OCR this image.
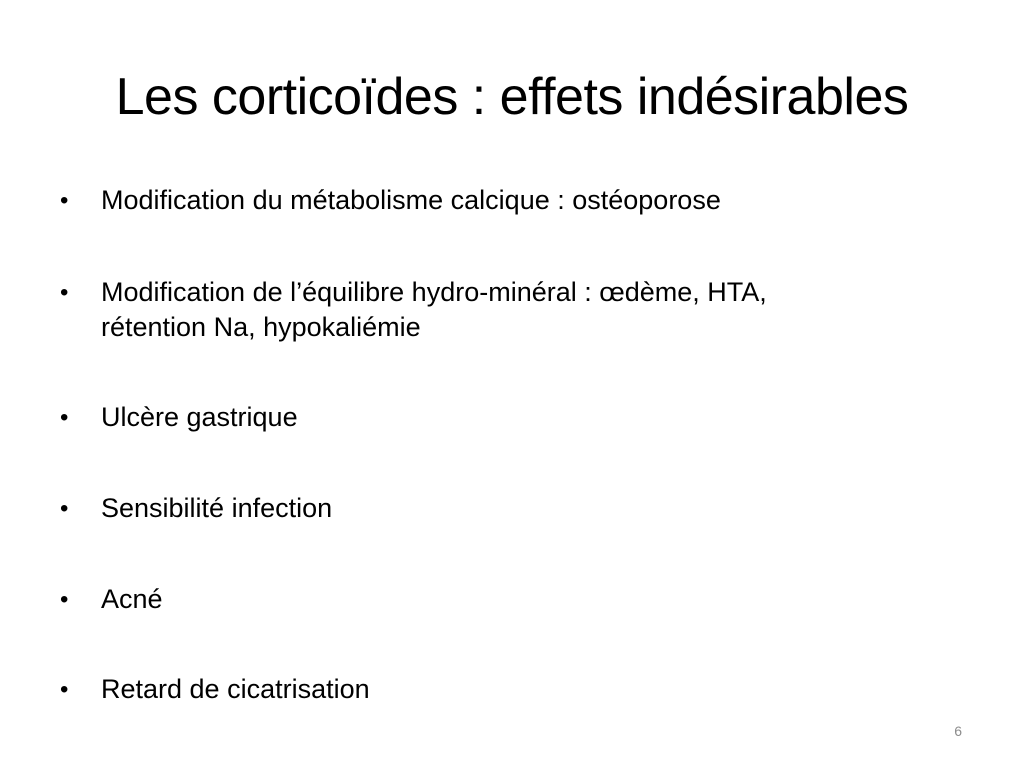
Les corticoïdes : effets indésirables
•	Modification du métabolisme calcique : ostéoporose
•	Modification de l’équilibre hydro-minéral : œdème, HTA,
rétention Na, hypokaliémie
•	Ulcère gastrique
•	Sensibilité infection
•	Acné
•	Retard de cicatrisation
6
